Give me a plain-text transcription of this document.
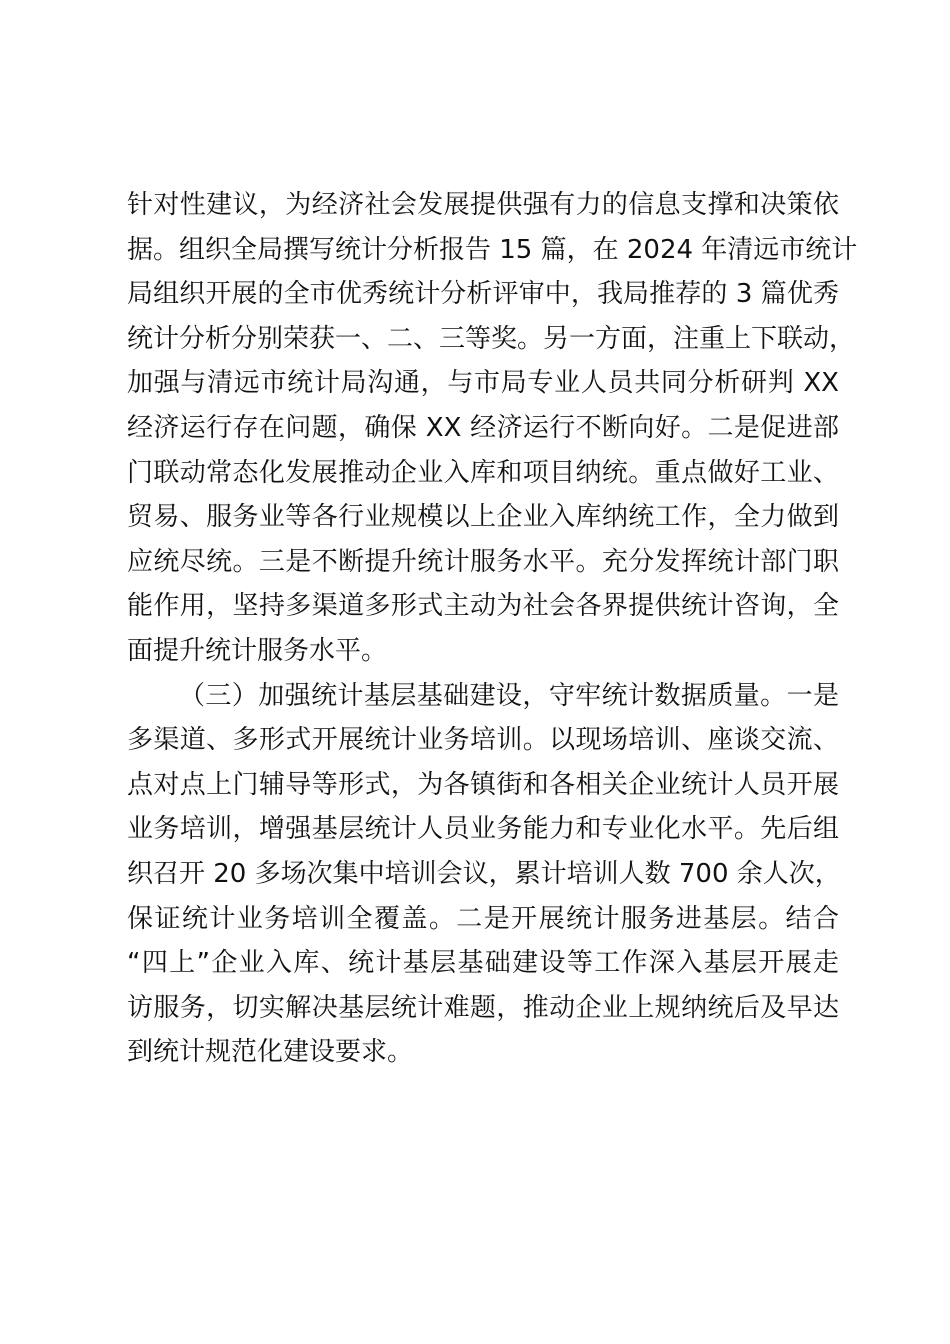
针对性建议，为经济社会发展提供强有力的信息支撑和决策依
据。组织全局撰写统计分析报告 15 篇，在 2024 年清远市统计
局组织开展的全市优秀统计分析评审中，我局推荐的 3 篇优秀
统计分析分别荣获一、二、三等奖。另一方面，注重上下联动，
加强与清远市统计局沟通，与市局专业人员共同分析研判 XX
经济运行存在问题，确保 XX 经济运行不断向好。二是促进部
门联动常态化发展推动企业入库和项目纳统。重点做好工业、
贸易、服务业等各行业规模以上企业入库纳统工作，全力做到
应统尽统。三是不断提升统计服务水平。充分发挥统计部门职
能作用，坚持多渠道多形式主动为社会各界提供统计咨询，全
面提升统计服务水平。
（三）加强统计基层基础建设，守牢统计数据质量。一是
多渠道、多形式开展统计业务培训。以现场培训、座谈交流、
点对点上门辅导等形式，为各镇街和各相关企业统计人员开展
业务培训，增强基层统计人员业务能力和专业化水平。先后组
织召开 20 多场次集中培训会议，累计培训人数 700 余人次，
保证统计业务培训全覆盖。二是开展统计服务进基层。结合
“四上”企业入库、统计基层基础建设等工作深入基层开展走
访服务，切实解决基层统计难题，推动企业上规纳统后及早达
到统计规范化建设要求。
